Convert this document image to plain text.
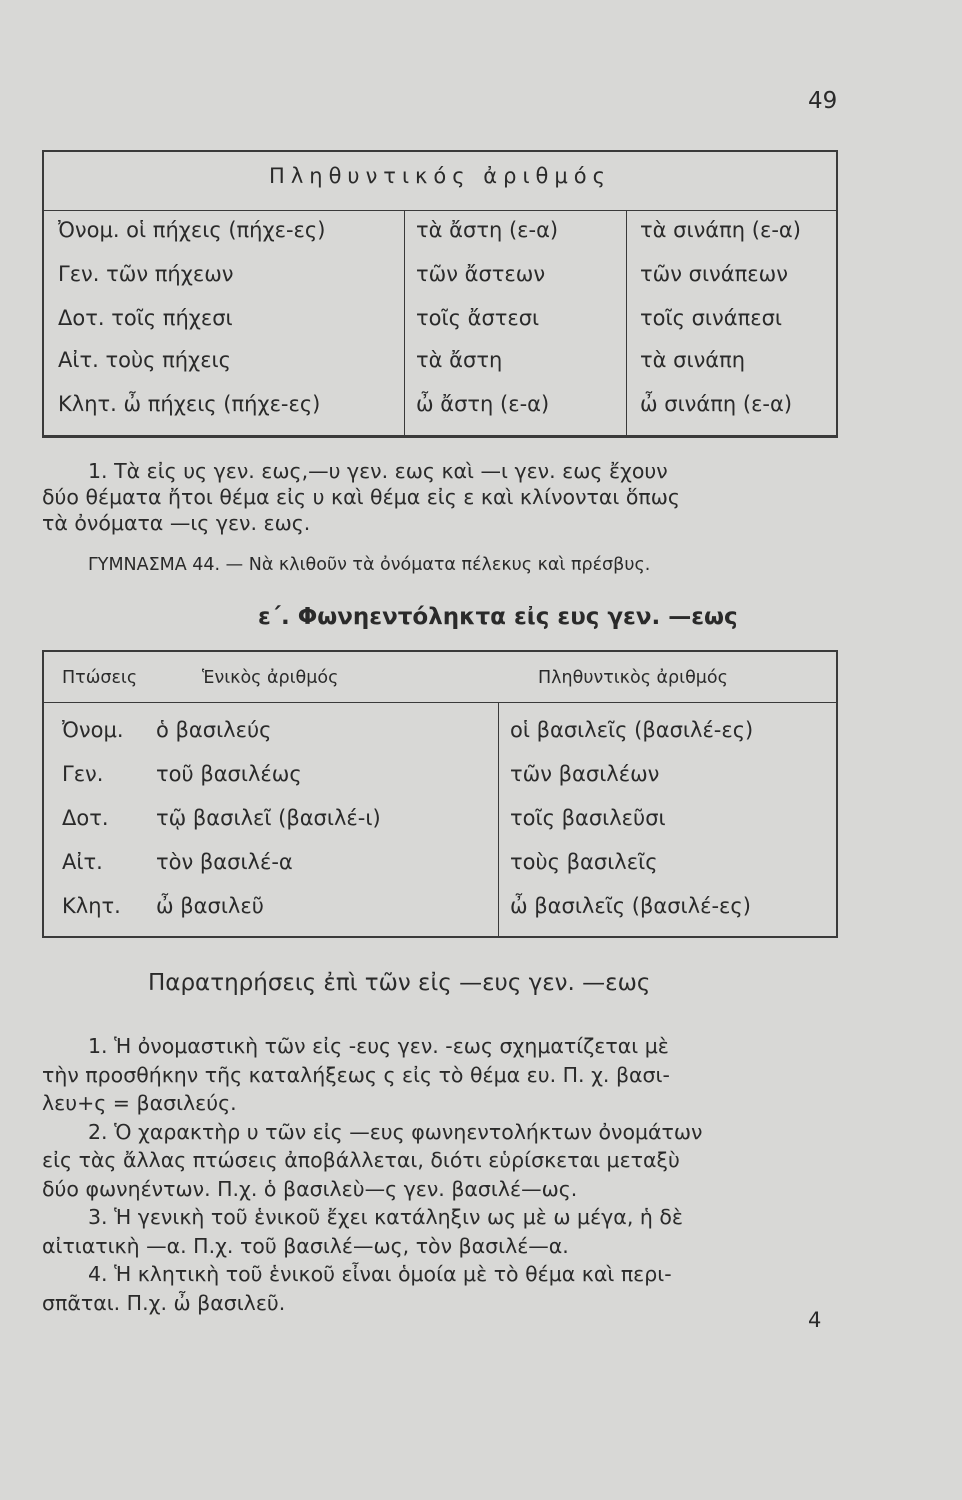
49
Πληθυντικός ἀριθμός
Ὀνομ. οἱ πήχεις (πήχε-ες)	τὰ ἄστη (ε-α)	τὰ σινάπη (ε-α)
Γεν. τῶν πήχεων	τῶν ἄστεων	τῶν σινάπεων
Δοτ. τοῖς πήχεσι	τοῖς ἄστεσι	τοῖς σινάπεσι
Αἰτ. τοὺς πήχεις	τὰ ἄστη	τὰ σινάπη
Κλητ. ὦ πήχεις (πήχε-ες)	ὦ ἄστη (ε-α)	ὦ σινάπη (ε-α)

1. Τὰ εἰς υς γεν. εως,—υ γεν. εως καὶ —ι γεν. εως ἔχουν

δύο θέματα ἤτοι θέμα εἰς υ καὶ θέμα εἰς ε καὶ κλίνονται ὅπως

τὰ ὀνόματα —ις γεν. εως.

ΓΥΜΝΑΣΜΑ 44. — Νὰ κλιθοῦν τὰ ὀνόματα πέλεκυς καὶ πρέσβυς.
ε΄. Φωνηεντόληκτα εἰς ευς γεν. —εως
Πτώσεις	Ἑνικὸς ἀριθμός	Πληθυντικὸς ἀριθμός
Ὀνομ. ὁ βασιλεύς	οἱ βασιλεῖς (βασιλέ-ες)
Γεν.	τοῦ βασιλέως	τῶν βασιλέων
Δοτ. τῷ βασιλεῖ (βασιλέ-ι)	τοῖς βασιλεῦσι
Αἰτ.	τὸν βασιλέ-α	τοὺς βασιλεῖς
Κλητ. ὦ βασιλεῦ	ὦ βασιλεῖς (βασιλέ-ες)
Παρατηρήσεις ἐπὶ τῶν εἰς —ευς γεν. —εως

1. Ἡ ὀνομαστικὴ τῶν εἰς -ευς γεν. -εως σχηματίζεται μὲ

τὴν προσθήκην τῆς καταλήξεως ς εἰς τὸ θέμα ευ. Π. χ. βασι-

λευ+ς = βασιλεύς.

2. Ὁ χαρακτὴρ υ τῶν εἰς —ευς φωνηεντολήκτων ὀνομάτων

εἰς τὰς ἄλλας πτώσεις ἀποβάλλεται, διότι εὑρίσκεται μεταξὺ

δύο φωνηέντων. Π.χ. ὁ βασιλεὺ—ς γεν. βασιλέ—ως.

3. Ἡ γενικὴ τοῦ ἑνικοῦ ἔχει κατάληξιν ως μὲ ω μέγα, ἡ δὲ

αἰτιατικὴ —α. Π.χ. τοῦ βασιλέ—ως, τὸν βασιλέ—α.

4. Ἡ κλητικὴ τοῦ ἑνικοῦ εἶναι ὁμοία μὲ τὸ θέμα καὶ περι-

σπᾶται. Π.χ. ὦ βασιλεῦ.

4
